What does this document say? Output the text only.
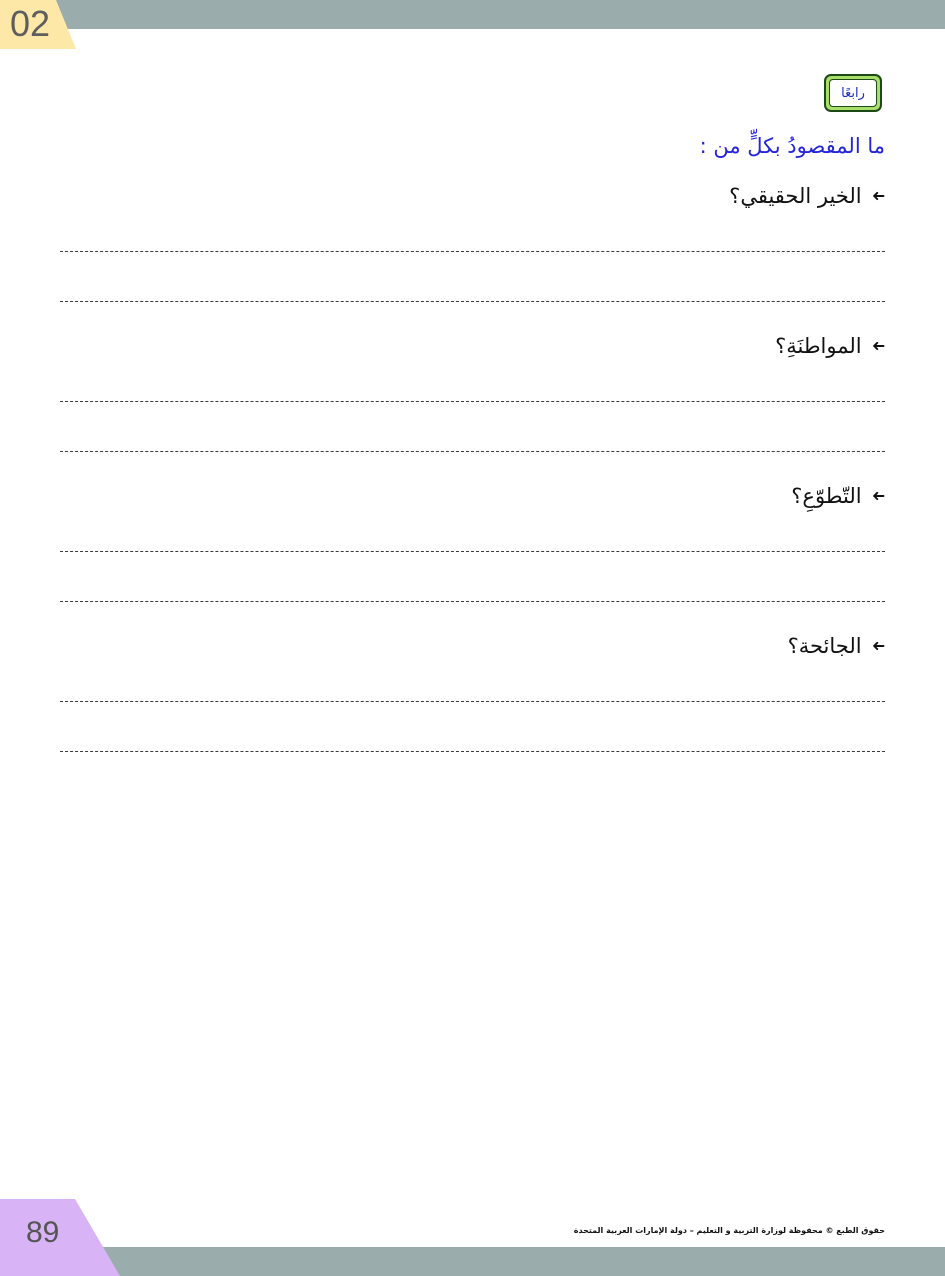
02
رابعًا
ما المقصودُ بكلٍّ من :
➜الخير الحقيقي؟
➜المواطنَةِ؟
➜التّطوّعِ؟
➜الجائحة؟
89	حقوق الطبع © محفوظة لوزارة التربية و التعليم – دولة الإمارات العربية المتحدة
